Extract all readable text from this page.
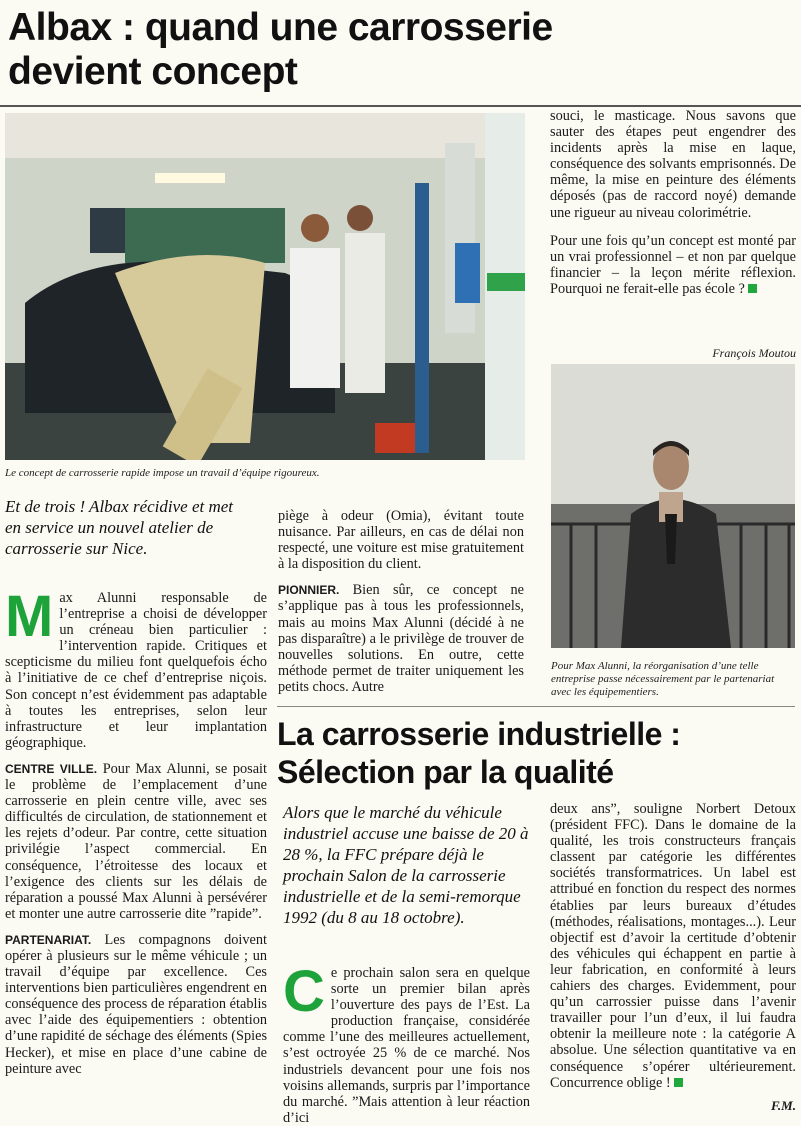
Albax : quand une carrosserie
devient concept
Le concept de carrosserie rapide impose un travail d’équipe rigoureux.
Et de trois ! Albax récidive et met en service un nouvel atelier de carrosserie sur Nice.

Max Alunni responsable de l’entreprise a choisi de développer un créneau bien particulier : l’intervention rapide. Critiques et scepticisme du milieu font quelquefois écho à l’initiative de ce chef d’entreprise niçois. Son concept n’est évidemment pas adaptable à toutes les entreprises, selon leur infrastructure et leur implantation géographique.

CENTRE VILLE. Pour Max Alunni, se posait le problème de l’emplacement d’une carrosserie en plein centre ville, avec ses difficultés de circulation, de stationnement et les rejets d’odeur. Par contre, cette situation privilégie l’aspect commercial. En conséquence, l’étroitesse des locaux et l’exigence des clients sur les délais de réparation a poussé Max Alunni à persévérer et monter une autre carrosserie dite ”rapide”.

PARTENARIAT. Les compagnons doivent opérer à plusieurs sur le même véhicule ; un travail d’équipe par excellence. Ces interventions bien particulières engendrent en conséquence des process de réparation établis avec l’aide des équipementiers : obtention d’une rapidité de séchage des éléments (Spies Hecker), et mise en place d’une cabine de peinture avec

piège à odeur (Omia), évitant toute nuisance. Par ailleurs, en cas de délai non respecté, une voiture est mise gratuitement à la disposition du client.

PIONNIER. Bien sûr, ce concept ne s’applique pas à tous les professionnels, mais au moins Max Alunni (décidé à ne pas disparaître) a le privilège de trouver de nouvelles solutions. En outre, cette méthode permet de traiter uniquement les petits chocs. Autre

souci, le masticage. Nous savons que sauter des étapes peut engendrer des incidents après la mise en laque, conséquence des solvants emprisonnés. De même, la mise en peinture des éléments déposés (pas de raccord noyé) demande une rigueur au niveau colorimétrie.

Pour une fois qu’un concept est monté par un vrai professionnel – et non par quelque financier – la leçon mérite réflexion. Pourquoi ne ferait-elle pas école ?

François Moutou
Pour Max Alunni, la réorganisation d’une telle entreprise passe nécessairement par le partenariat avec les équipementiers.
La carrosserie industrielle :
Sélection par la qualité
Alors que le marché du véhicule industriel accuse une baisse de 20 à 28 %, la FFC prépare déjà le prochain Salon de la carrosserie industrielle et de la semi-remorque 1992 (du 8 au 18 octobre).

Ce prochain salon sera en quelque sorte un premier bilan après l’ouverture des pays de l’Est. La production française, considérée comme l’une des meilleures actuellement, s’est octroyée 25 % de ce marché. Nos industriels devancent pour une fois nos voisins allemands, surpris par l’importance du marché. ”Mais attention à leur réaction d’ici

deux ans”, souligne Norbert Detoux (président FFC). Dans le domaine de la qualité, les trois constructeurs français classent par catégorie les différentes sociétés transformatrices. Un label est attribué en fonction du respect des normes établies par leurs bureaux d’études (méthodes, réalisations, montages...). Leur objectif est d’avoir la certitude d’obtenir des véhicules qui échappent en partie à leur fabrication, en conformité à leurs cahiers des charges. Evidemment, pour qu’un carrossier puisse dans l’avenir travailler pour l’un d’eux, il lui faudra obtenir la meilleure note : la catégorie A absolue. Une sélection quantitative va en conséquence s’opérer ultérieurement. Concurrence oblige !

F.M.
